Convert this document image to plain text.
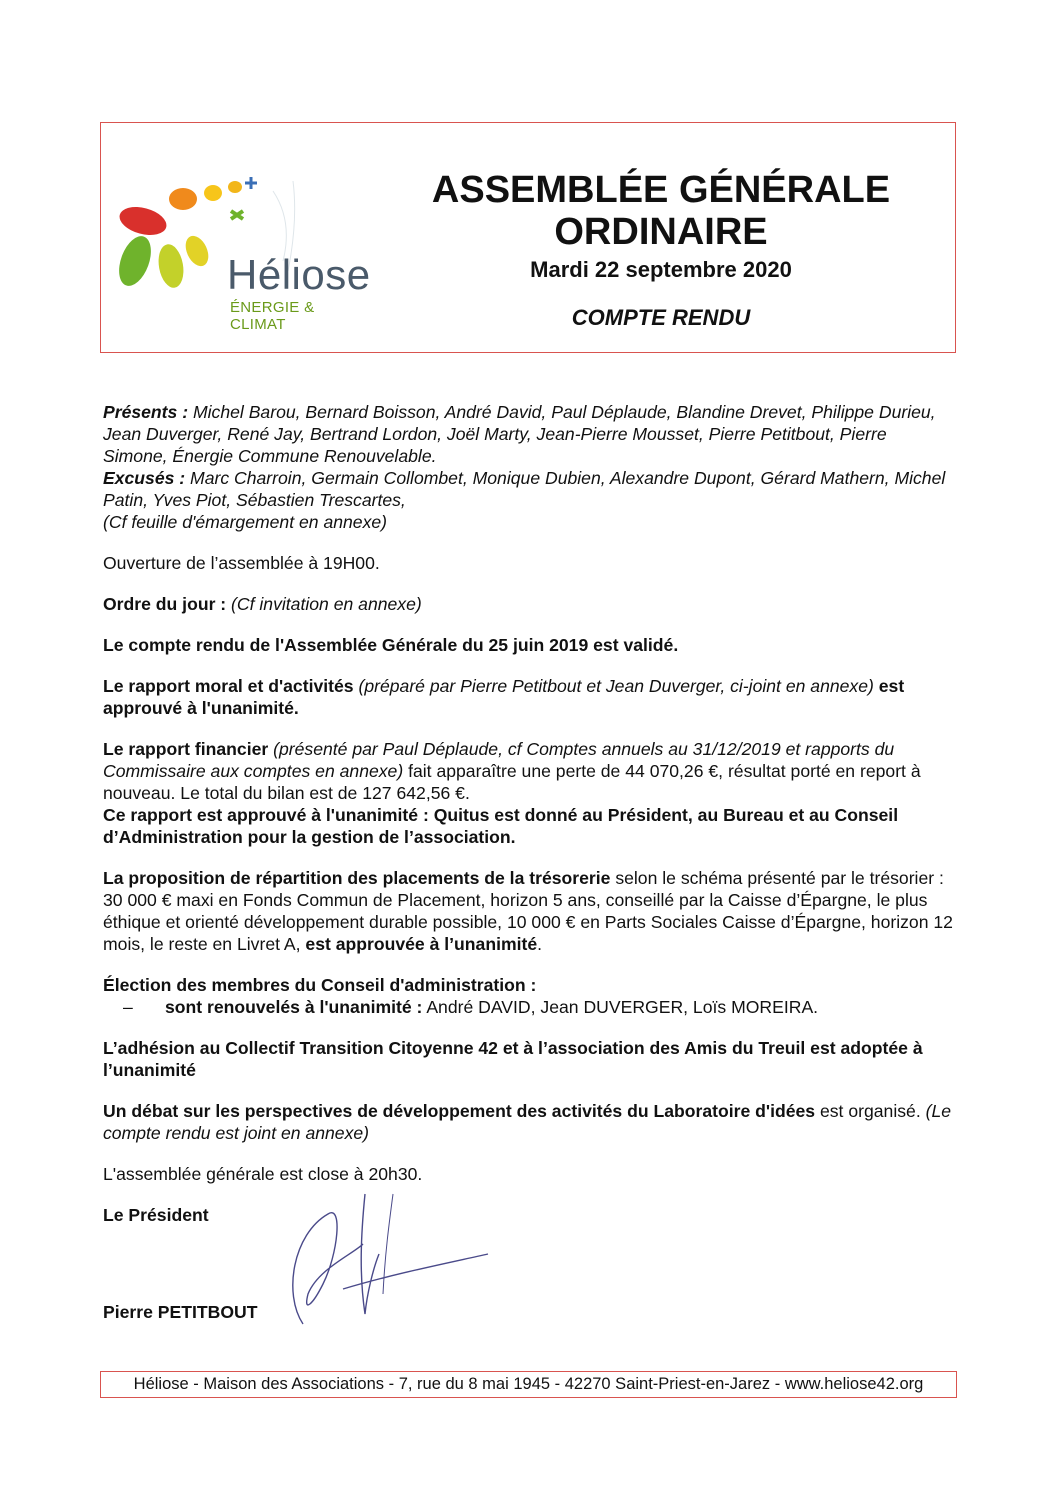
Héliose
ÉNERGIE & CLIMAT
ASSEMBLÉE GÉNÉRALE
ORDINAIRE
Mardi 22 septembre 2020
COMPTE RENDU

Présents : Michel Barou, Bernard Boisson, André David, Paul Déplaude, Blandine Drevet, Philippe Durieu, Jean Duverger, René Jay, Bertrand Lordon, Joël Marty, Jean-Pierre Mousset, Pierre Petitbout, Pierre Simone, Énergie Commune Renouvelable.
Excusés : Marc Charroin, Germain Collombet, Monique Dubien, Alexandre Dupont, Gérard Mathern, Michel Patin, Yves Piot, Sébastien Trescartes,
(Cf feuille d'émargement en annexe)

Ouverture de l’assemblée à 19H00.

Ordre du jour : (Cf invitation en annexe)

Le compte rendu de l'Assemblée Générale du 25 juin 2019 est validé.

Le rapport moral et d'activités (préparé par Pierre Petitbout et Jean Duverger, ci-joint en annexe) est approuvé à l'unanimité.

Le rapport financier (présenté par Paul Déplaude, cf Comptes annuels au 31/12/2019 et rapports du Commissaire aux comptes en annexe) fait apparaître une perte de 44 070,26 €, résultat porté en report à nouveau. Le total du bilan est de 127 642,56 €.
Ce rapport est approuvé à l'unanimité : Quitus est donné au Président, au Bureau et au Conseil d’Administration pour la gestion de l’association.

La proposition de répartition des placements de la trésorerie selon le schéma présenté par le trésorier : 30 000 € maxi en Fonds Commun de Placement, horizon 5 ans, conseillé par la Caisse d’Épargne, le plus éthique et orienté développement durable possible, 10 000 € en Parts Sociales Caisse d’Épargne, horizon 12 mois, le reste en Livret A, est approuvée à l’unanimité.

Élection des membres du Conseil d'administration :
– sont renouvelés à l'unanimité : André DAVID, Jean DUVERGER, Loïs MOREIRA.

L’adhésion au Collectif Transition Citoyenne 42 et à l’association des Amis du Treuil est adoptée à l’unanimité

Un débat sur les perspectives de développement des activités du Laboratoire d'idées est organisé. (Le compte rendu est joint en annexe)

L'assemblée générale est close à 20h30.

Le Président
Pierre PETITBOUT
Héliose - Maison des Associations - 7, rue du 8 mai 1945 - 42270 Saint-Priest-en-Jarez - www.heliose42.org
